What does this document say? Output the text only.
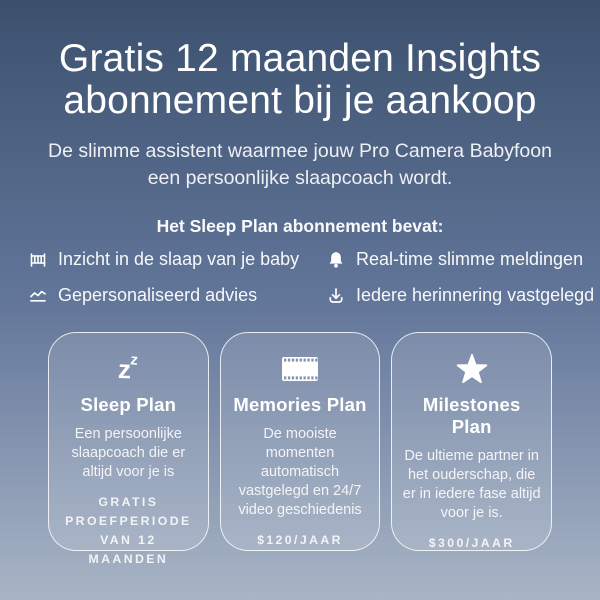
Gratis 12 maanden Insights
abonnement bij je aankoop
De slimme assistent waarmee jouw Pro Camera Babyfoon
een persoonlijke slaapcoach wordt.
Het Sleep Plan abonnement bevat:
Inzicht in de slaap van je baby	Real-time slimme meldingen
Gepersonaliseerd advies	Iedere herinnering vastgelegd
zz
Sleep Plan
Een persoonlijke slaapcoach die er altijd voor je is
GRATIS PROEFPERIODE VAN 12 MAANDEN
Memories Plan
De mooiste momenten automatisch vastgelegd en 24/7 video geschiedenis
$120/JAAR
Milestones Plan
De ultieme partner in het ouderschap, die er in iedere fase altijd voor je is.
$300/JAAR
